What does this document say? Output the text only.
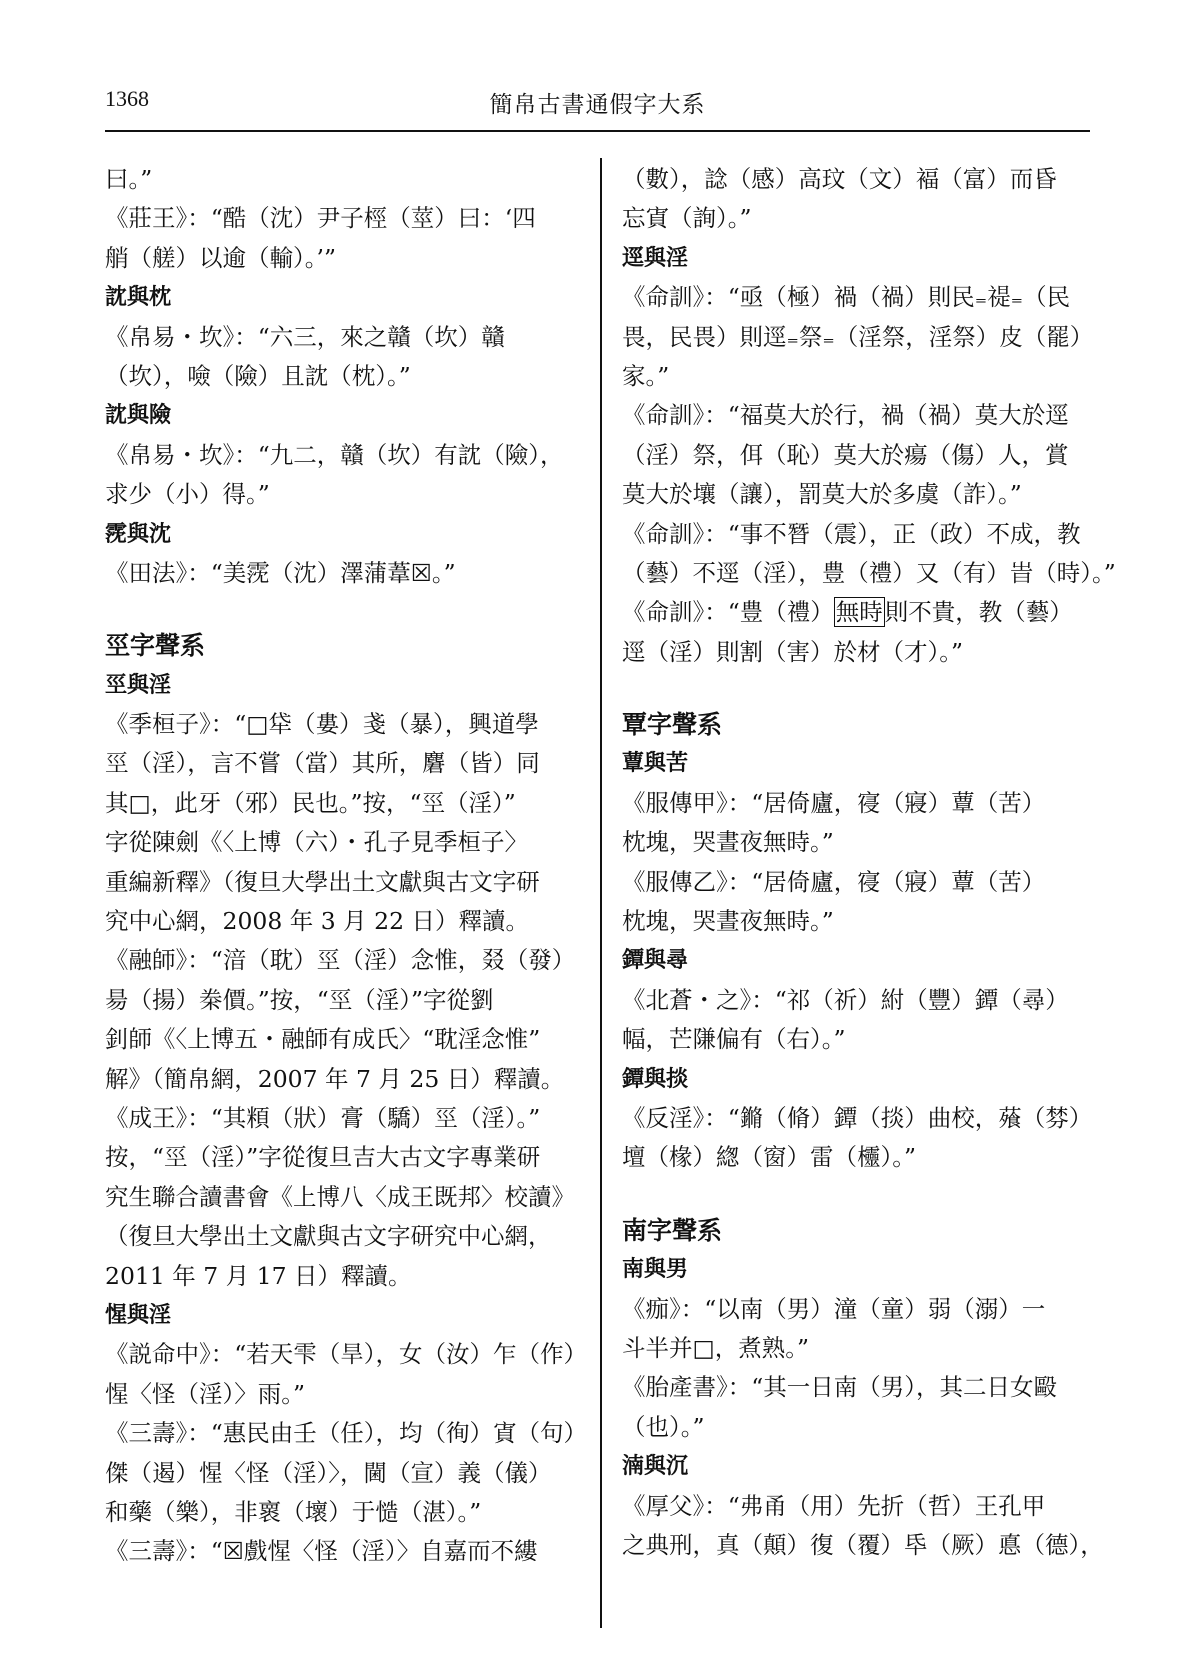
1368	簡帛古書通假字大系
曰。”
《莊王》：“酷（沈）尹子桱（莖）曰：‘四
艄（艖）以逾（輸）。’”
訦與枕
《帛易・坎》：“六三，來之贛（坎）贛
（坎），噞（險）且訦（枕）。”
訦與險
《帛易・坎》：“九二，贛（坎）有訦（險），
求少（小）得。”
霃與沈
《田法》：“美霃（沈）澤蒲葦☒。”
巠字聲系
巠與淫
《季桓子》：“□牮（婁）戔（暴），興道學
巠（淫），言不嘗（當）其所，麏（皆）同
其□，此牙（邪）民也。”按，“巠（淫）”
字從陳劍《〈上博（六）・孔子見季桓子〉
重編新釋》（復旦大學出土文獻與古文字研
究中心網，2008 年 3 月 22 日）釋讀。
《融師》：“湆（耽）巠（淫）念惟，叕（發）
昜（揚）桊價。”按，“巠（淫）”字從劉
釗師《〈上博五・融師有成氏〉“耽淫念惟”
解》（簡帛網，2007 年 7 月 25 日）釋讀。
《成王》：“其頪（狀）膏（驕）巠（淫）。”
按，“巠（淫）”字從復旦吉大古文字專業研
究生聯合讀書會《上博八〈成王既邦〉校讀》
（復旦大學出土文獻與古文字研究中心網，
2011 年 7 月 17 日）釋讀。
惺與淫
《説命中》：“若天雫（旱），女（汝）乍（作）
惺〈怪（淫）〉雨。”
《三壽》：“惠民由壬（任），均（徇）寊（句）
傑（遏）惺〈怪（淫）〉，閫（宣）義（儀）
和藥（樂），非褱（壞）于慥（湛）。”
《三壽》：“☒戲惺〈怪（淫）〉自嘉而不縷
（數），諗（感）高玟（文）褔（富）而昏
忘寊（詢）。”
逕與淫
《命訓》：“亟（極）禍（禍）則民₌禔₌（民
畏，民畏）則逕₌祭₌（淫祭，淫祭）皮（罷）
家。”
《命訓》：“福莫大於行，禍（禍）莫大於逕
（淫）祭，佴（恥）莫大於瘍（傷）人，賞
莫大於壤（讓），罰莫大於多虞（詐）。”
《命訓》：“事不朁（震），正（政）不成，教
（藝）不逕（淫），豊（禮）又（有）旹（時）。”
《命訓》：“豊（禮）無時則不貴，教（藝）
逕（淫）則割（害）於材（才）。”
覃字聲系
蕈與苦
《服傳甲》：“居倚廬，寑（寢）蕈（苦）
枕塊，哭晝夜無時。”
《服傳乙》：“居倚廬，寑（寢）蕈（苦）
枕塊，哭晝夜無時。”
鐔與尋
《北蒼・之》：“祁（祈）紨（豐）鐔（尋）
幅，芒隒偏有（右）。”
鐔與掞
《反淫》：“鏅（脩）鐔（掞）曲校，蕵（棼）
壇（椽）緫（窗）雷（欞）。”
南字聲系
南與男
《痂》：“以南（男）潼（童）弱（溺）一
斗半并□，煮熟。”
《胎產書》：“其一日南（男），其二日女毆
（也）。”
湳與沉
《厚父》：“弗甬（用）先折（哲）王孔甲
之典刑，真（顛）復（覆）氒（厥）悳（德），
